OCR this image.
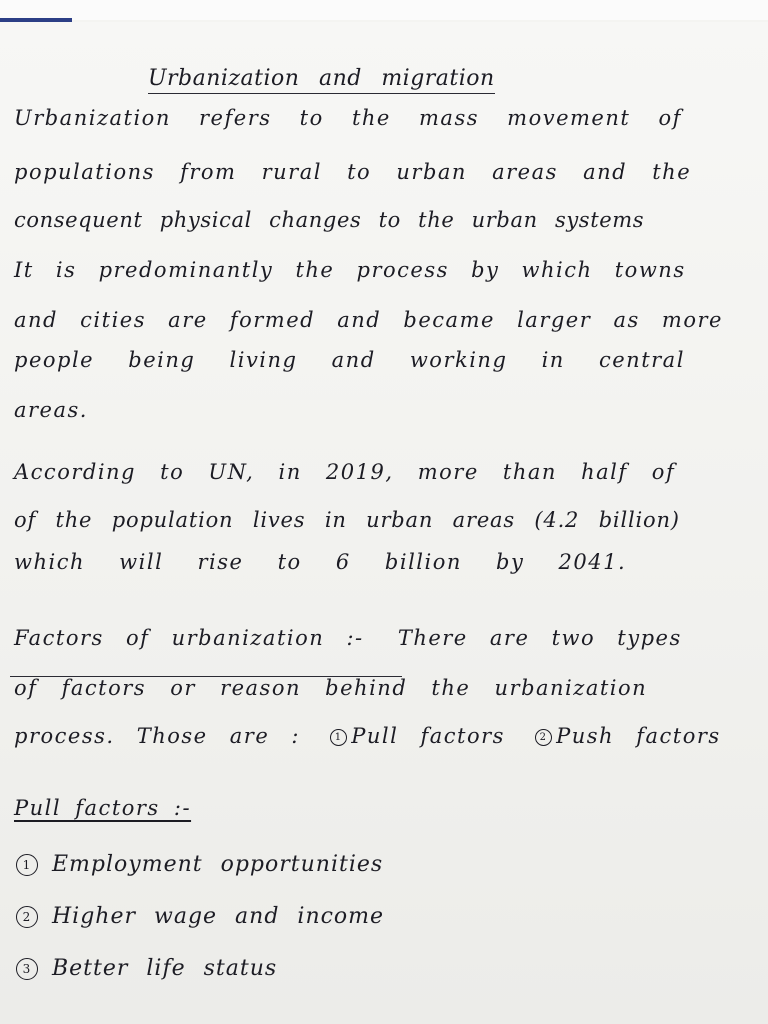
Urbanization and migration
Urbanization refers to the mass movement of
populations from rural to urban areas and the
consequent physical changes to the urban systems
It is predominantly the process by which towns
and cities are formed and became larger as more
people being living and working in central
areas.
According to UN, in 2019, more than half of
of the population lives in urban areas (4.2 billion)
which will rise to 6 billion by 2041.
Factors of urbanization :- There are two types
of factors or reason behind the urbanization
process. Those are :	1 Pull factors	2 Push factors
Pull factors :-
1 Employment opportunities
2 Higher wage and income
3 Better life status
